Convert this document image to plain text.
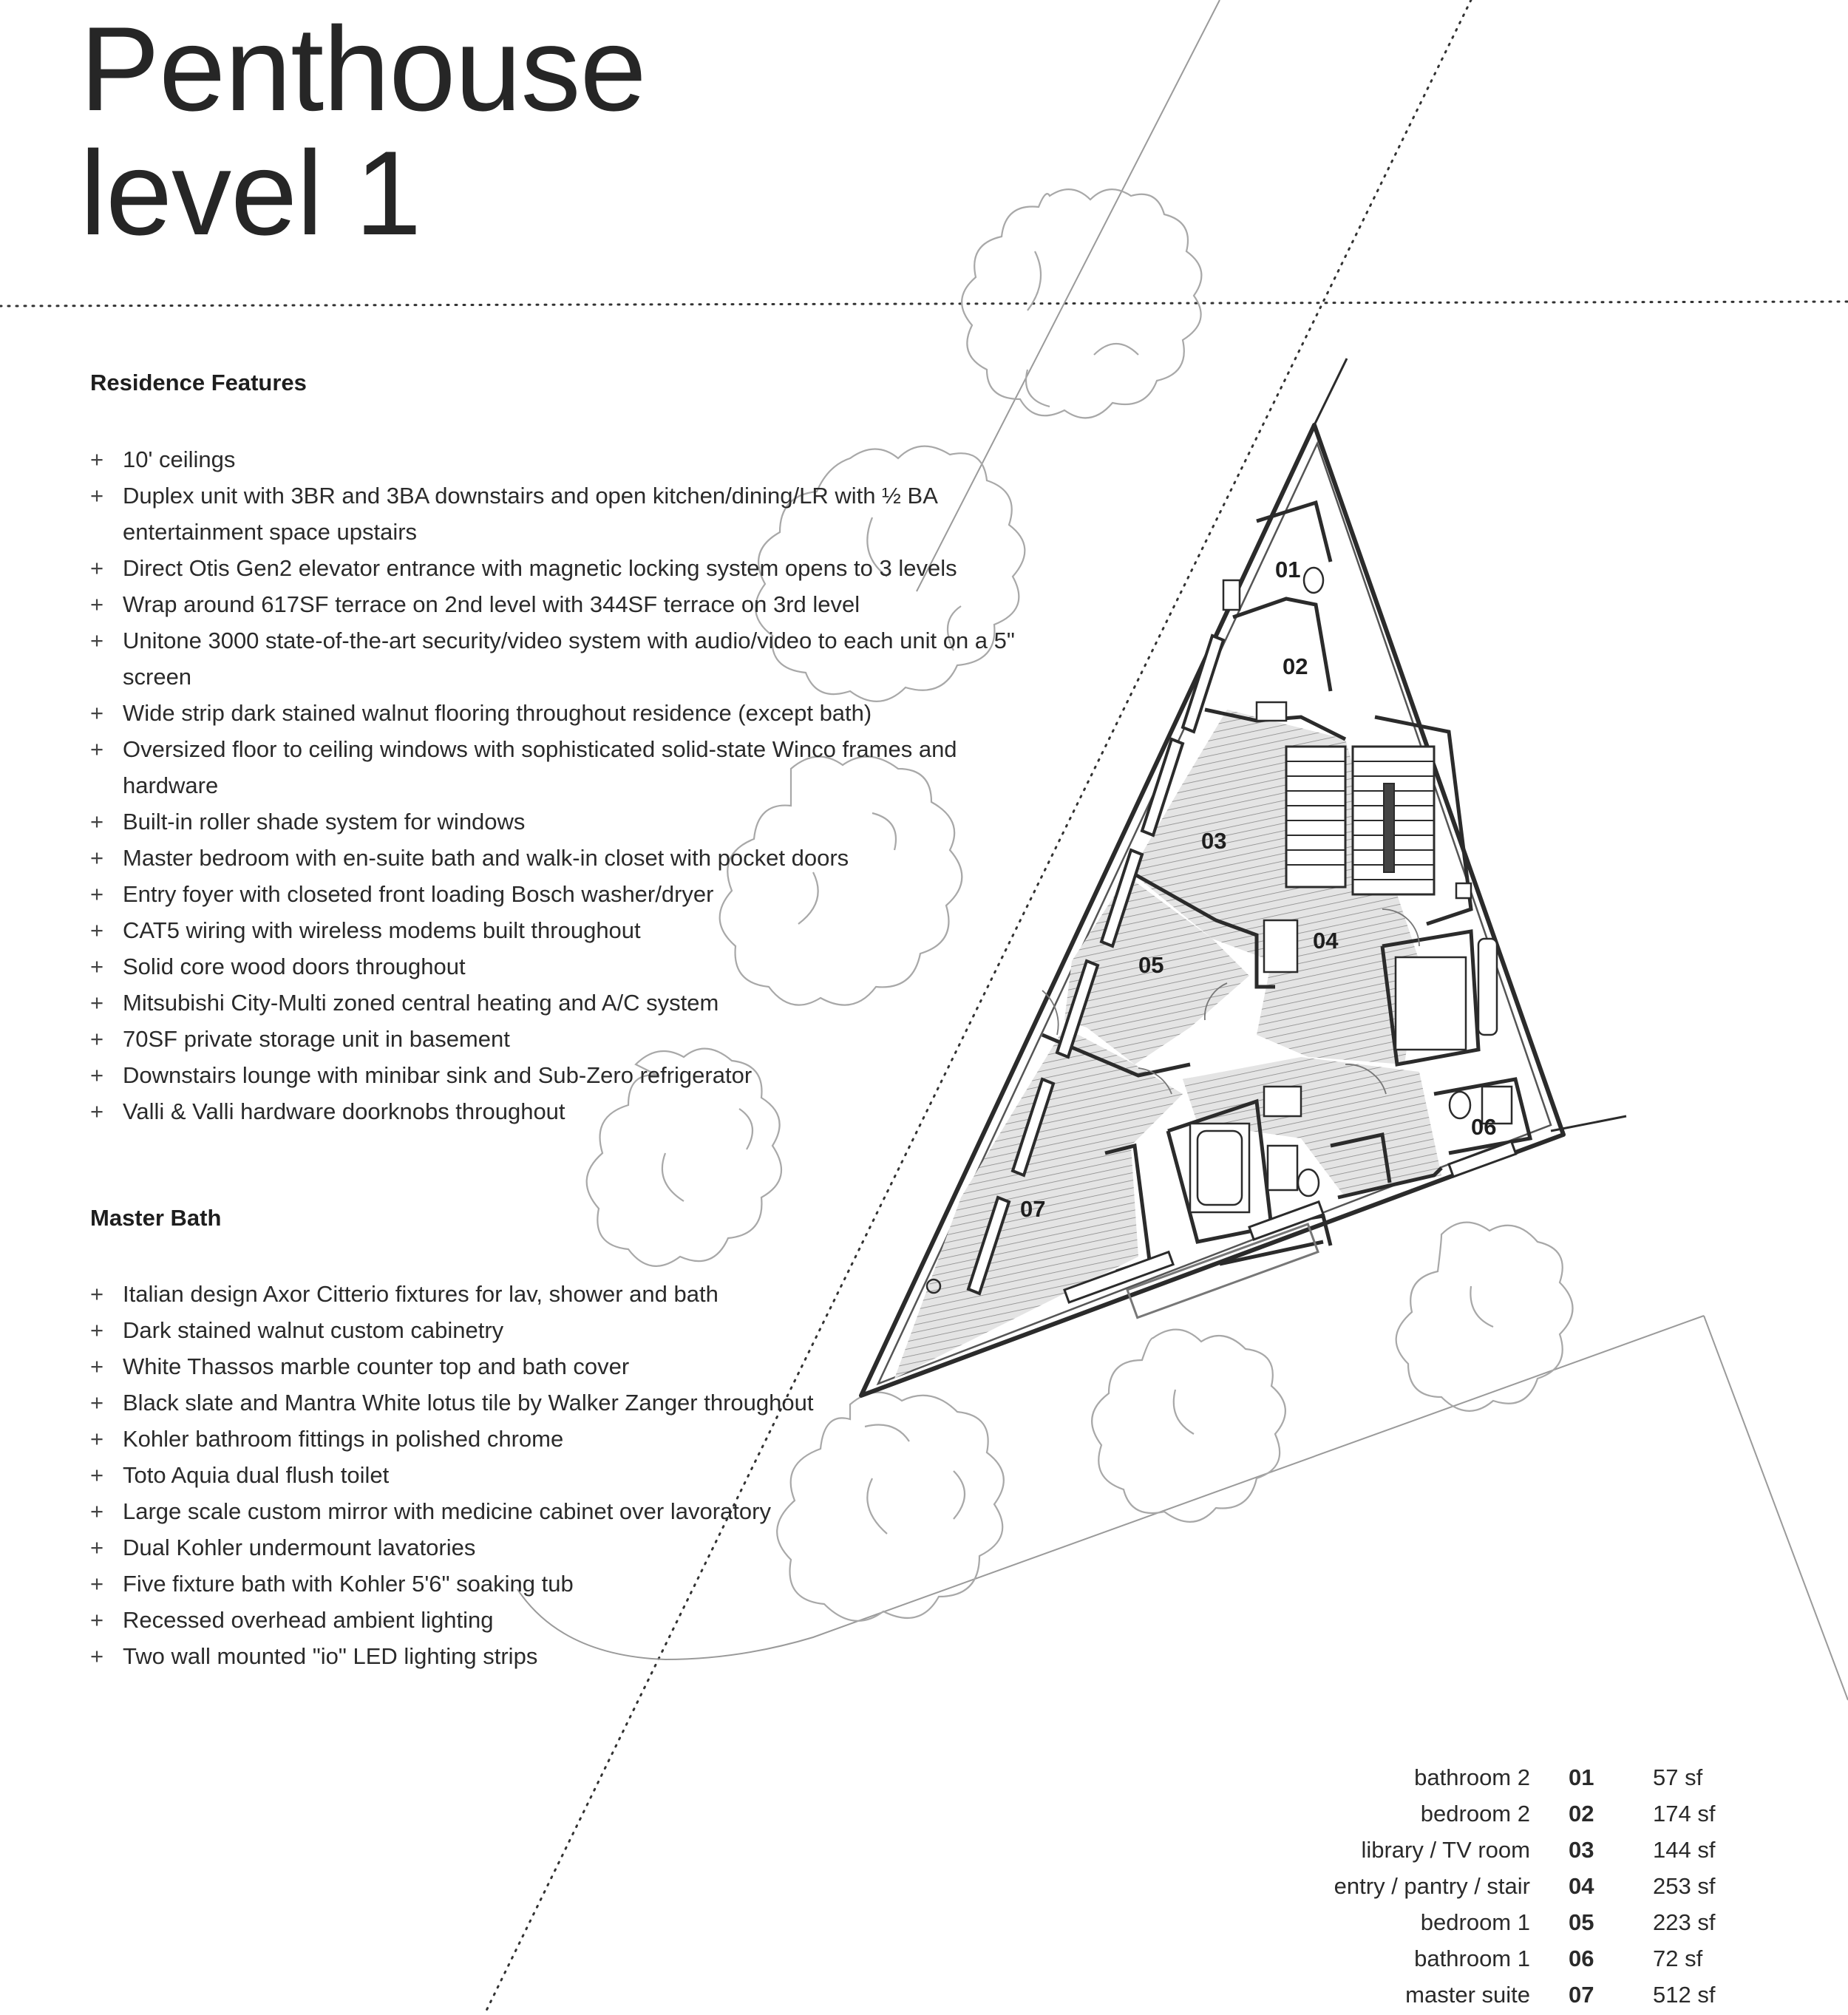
Penthouse
level 1
01
02
03
04
05
06
07
Residence Features
+ 10' ceilings
+ Duplex unit with 3BR and 3BA downstairs and open kitchen/dining/LR with ½ BA entertainment space upstairs
+ Direct Otis Gen2 elevator entrance with magnetic locking system opens to 3 levels
+ Wrap around 617SF terrace on 2nd level with 344SF terrace on 3rd level
+ Unitone 3000 state-of-the-art security/video system with audio/video to each unit on a 5" screen
+ Wide strip dark stained walnut flooring throughout residence (except bath)
+ Oversized floor to ceiling windows with sophisticated solid-state Winco frames and hardware
+ Built-in roller shade system for windows
+ Master bedroom with en-suite bath and walk-in closet with pocket doors
+ Entry foyer with closeted front loading Bosch washer/dryer
+ CAT5 wiring with wireless modems built throughout
+ Solid core wood doors throughout
+ Mitsubishi City-Multi zoned central heating and A/C system
+ 70SF private storage unit in basement
+ Downstairs lounge with minibar sink and Sub-Zero refrigerator
+ Valli & Valli hardware doorknobs throughout
Master Bath
+ Italian design Axor Citterio fixtures for lav, shower and bath
+ Dark stained walnut custom cabinetry
+ White Thassos marble counter top and bath cover
+ Black slate and Mantra White lotus tile by Walker Zanger throughout
+ Kohler bathroom fittings in polished chrome
+ Toto Aquia dual flush toilet
+ Large scale custom mirror with medicine cabinet over lavoratory
+ Dual Kohler undermount lavatories
+ Five fixture bath with Kohler 5'6" soaking tub
+ Recessed overhead ambient lighting
+ Two wall mounted "io" LED lighting strips
bathroom 2	01	57 sf
bedroom 2	02	174 sf
library / TV room	03	144 sf
entry / pantry / stair	04	253 sf
bedroom 1	05	223 sf
bathroom 1	06	72 sf
master suite	07	512 sf
